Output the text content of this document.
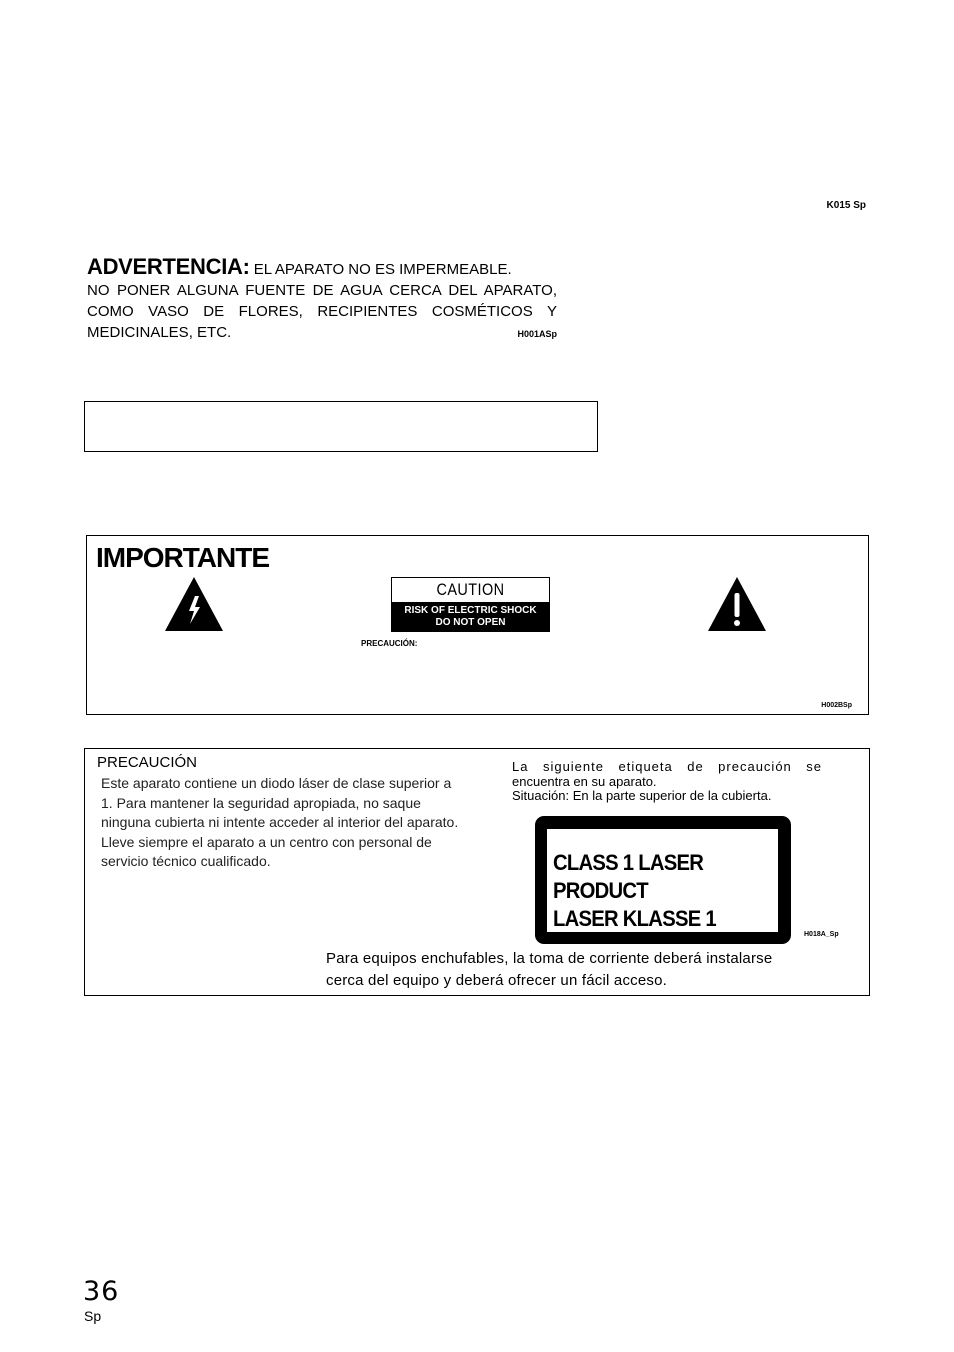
K015 Sp
ADVERTENCIA: EL APARATO NO ES IMPERMEABLE.
NO PONER ALGUNA FUENTE DE AGUA CERCA DEL APARATO,
COMO VASO DE FLORES, RECIPIENTES COSMÉTICOS Y
MEDICINALES, ETC.	H001ASp
IMPORTANTE
CAUTION
RISK OF ELECTRIC SHOCK
DO NOT OPEN
PRECAUCIÓN:
H002BSp
PRECAUCIÓN

Este aparato contiene un diodo láser de clase superior a 1. Para mantener la seguridad apropiada, no saque ninguna cubierta ni intente acceder al interior del aparato.

Lleve siempre el aparato a un centro con personal de servicio técnico cualificado.

La siguiente etiqueta de precaución se
encuentra en su aparato.
Situación: En la parte superior de la cubierta.
CLASS 1 LASER PRODUCT
LASER KLASSE 1
H018A_Sp
Para equipos enchufables, la toma de corriente deberá instalarse
cerca del equipo y deberá ofrecer un fácil acceso.
36
Sp
